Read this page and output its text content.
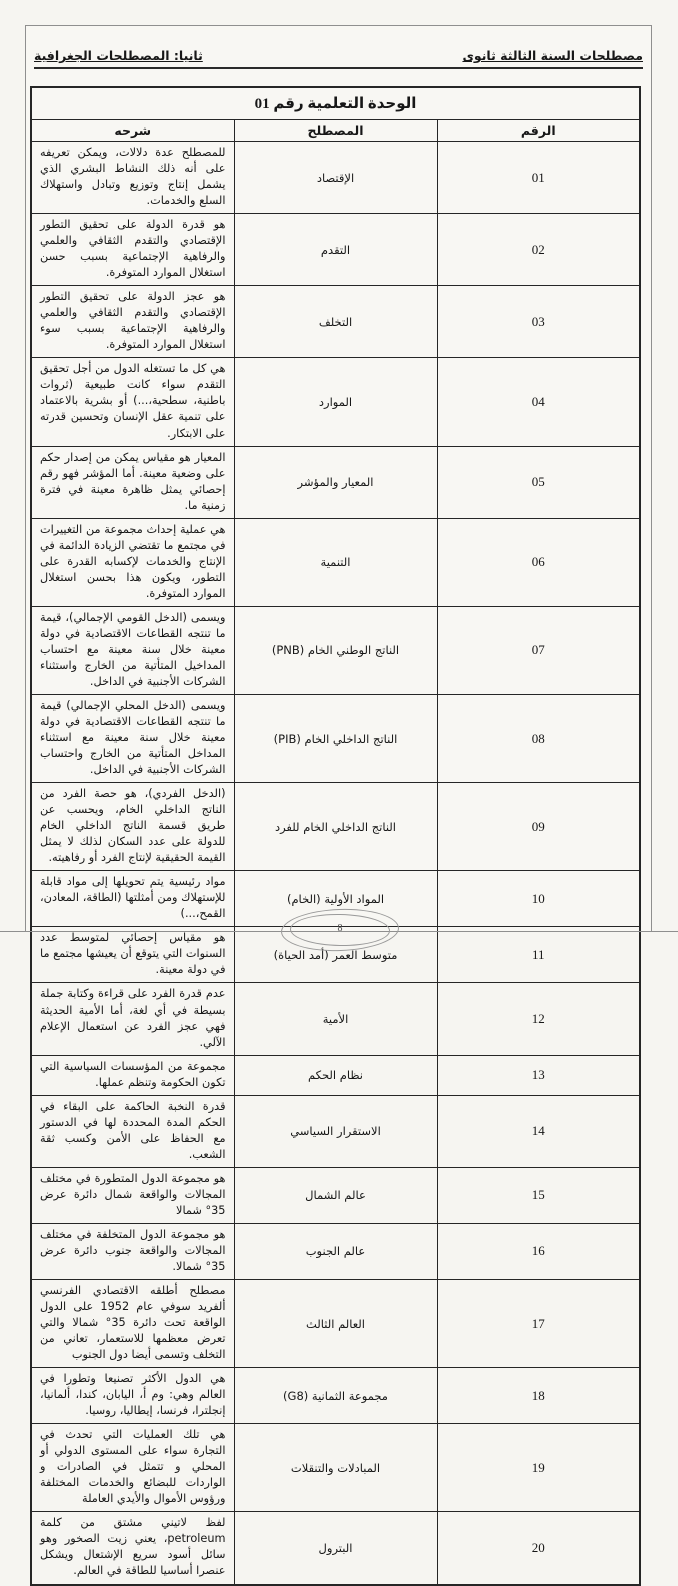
مصطلحات السنة الثالثة ثانوى
ثانيا: المصطلحات الجغرافية
الوحدة التعلمية رقم 01		
الرقم	المصطلح	شرحه
01	الإقتصاد	للمصطلح عدة دلالات، ويمكن تعريفه على أنه ذلك النشاط البشري الذي يشمل إنتاج وتوزيع وتبادل واستهلاك السلع والخدمات.
02	التقدم	هو قدرة الدولة على تحقيق التطور الإقتصادي والتقدم الثقافي والعلمي والرفاهية الإجتماعية بسبب حسن استغلال الموارد المتوفرة.
03	التخلف	هو عجز الدولة على تحقيق التطور الإقتصادي والتقدم الثقافي والعلمي والرفاهية الإجتماعية بسبب سوء استغلال الموارد المتوفرة.
04	الموارد	هي كل ما تستغله الدول من أجل تحقيق التقدم سواء كانت طبيعية (ثروات باطنية، سطحية،...) أو بشرية بالاعتماد على تنمية عقل الإنسان وتحسين قدرته على الابتكار.
05	المعيار والمؤشر	المعيار هو مقياس يمكن من إصدار حكم على وضعية معينة. أما المؤشر فهو رقم إحصائي يمثل ظاهرة معينة في فترة زمنية ما.
06	التنمية	هي عملية إحداث مجموعة من التغييرات في مجتمع ما تقتضي الزيادة الدائمة في الإنتاج والخدمات لإكسابه القدرة على التطور، ويكون هذا بحسن استغلال الموارد المتوفرة.
07	الناتج الوطني الخام (PNB)	ويسمى (الدخل القومي الإجمالي)، قيمة ما تنتجه القطاعات الاقتصادية في دولة معينة خلال سنة معينة مع احتساب المداخيل المتأتية من الخارج واستثناء الشركات الأجنبية في الداخل.
08	الناتج الداخلي الخام (PIB)	ويسمى (الدخل المحلي الإجمالي) قيمة ما تنتجه القطاعات الاقتصادية في دولة معينة خلال سنة معينة مع استثناء المداخل المتأتية من الخارج واحتساب الشركات الأجنبية في الداخل.
09	الناتج الداخلي الخام للفرد	(الدخل الفردي)، هو حصة الفرد من الناتج الداخلي الخام، ويحسب عن طريق قسمة الناتج الداخلي الخام للدولة على عدد السكان لذلك لا يمثل القيمة الحقيقية لإنتاج الفرد أو رفاهيته.
10	المواد الأولية (الخام)	مواد رئيسية يتم تحويلها إلى مواد قابلة للإستهلاك ومن أمثلتها (الطاقة، المعادن، القمح،...)
11	متوسط العمر (أمد الحياة)	هو مقياس إحصائي لمتوسط عدد السنوات التي يتوقع أن يعيشها مجتمع ما في دولة معينة.
12	الأمية	عدم قدرة الفرد على قراءة وكتابة جملة بسيطة في أي لغة، أما الأمية الحديثة فهي عجز الفرد عن استعمال الإعلام الآلي.
13	نظام الحكم	مجموعة من المؤسسات السياسية التي تكون الحكومة وتنظم عملها.
14	الاستقرار السياسي	قدرة النخبة الحاكمة على البقاء في الحكم المدة المحددة لها في الدستور مع الحفاظ على الأمن وكسب ثقة الشعب.
15	عالم الشمال	هو مجموعة الدول المتطورة في مختلف المجالات والواقعة شمال دائرة عرض 35° شمالا
16	عالم الجنوب	هو مجموعة الدول المتخلفة في مختلف المجالات والواقعة جنوب دائرة عرض 35° شمالا.
17	العالم الثالث	مصطلح أطلقه الاقتصادي الفرنسي ألفريد سوفي عام 1952 على الدول الواقعة تحت دائرة 35° شمالا والتي تعرض معظمها للاستعمار، تعاني من التخلف وتسمى أيضا دول الجنوب
18	مجموعة الثمانية (G8)	هي الدول الأكثر تصنيعا وتطورا في العالم وهي: وم أ، اليابان، كندا، ألمانيا، إنجلترا، فرنسا، إيطاليا، روسيا.
19	المبادلات والتنقلات	هي تلك العمليات التي تحدث في التجارة سواء على المستوى الدولي أو المحلي و تتمثل في الصادرات و الواردات للبضائع والخدمات المختلفة ورؤوس الأموال والأيدي العاملة
20	البترول	لفظ لاتيني مشتق من كلمة petroleum، يعني زيت الصخور وهو سائل أسود سريع الإشتعال ويشكل عنصرا أساسيا للطاقة في العالم.
8
